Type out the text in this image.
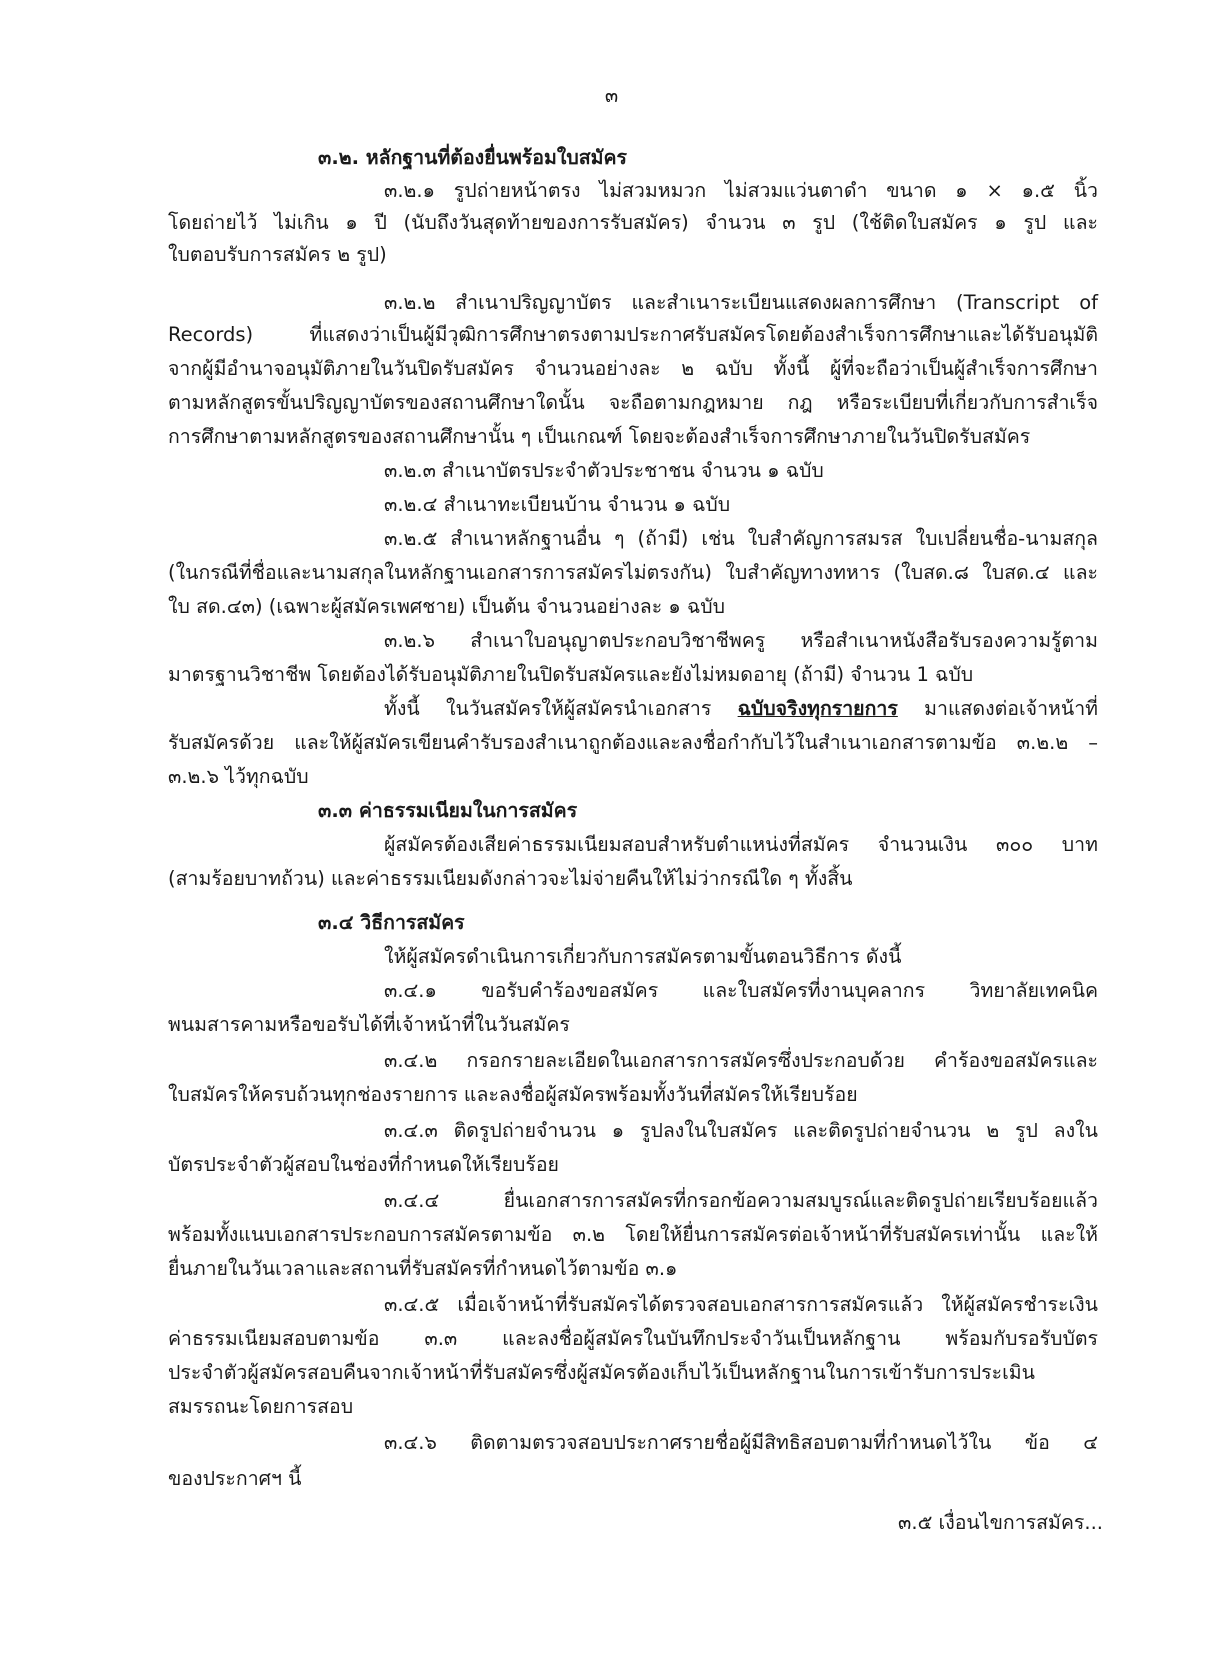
๓
๓.๒. หลักฐานที่ต้องยื่นพร้อมใบสมัคร
๓.๒.๑ รูปถ่ายหน้าตรง ไม่สวมหมวก ไม่สวมแว่นตาดำ ขนาด ๑ × ๑.๕ นิ้ว
โดยถ่ายไว้ ไม่เกิน ๑ ปี (นับถึงวันสุดท้ายของการรับสมัคร) จำนวน ๓ รูป (ใช้ติดใบสมัคร ๑ รูป และ
ใบตอบรับการสมัคร ๒ รูป)
๓.๒.๒ สำเนาปริญญาบัตร และสำเนาระเบียนแสดงผลการศึกษา (Transcript of
Records) ที่แสดงว่าเป็นผู้มีวุฒิการศึกษาตรงตามประกาศรับสมัครโดยต้องสำเร็จการศึกษาและได้รับอนุมัติ
จากผู้มีอำนาจอนุมัติภายในวันปิดรับสมัคร จำนวนอย่างละ ๒ ฉบับ ทั้งนี้ ผู้ที่จะถือว่าเป็นผู้สำเร็จการศึกษา
ตามหลักสูตรขั้นปริญญาบัตรของสถานศึกษาใดนั้น จะถือตามกฎหมาย กฎ หรือระเบียบที่เกี่ยวกับการสำเร็จ
การศึกษาตามหลักสูตรของสถานศึกษานั้น ๆ เป็นเกณฑ์ โดยจะต้องสำเร็จการศึกษาภายในวันปิดรับสมัคร
๓.๒.๓ สำเนาบัตรประจำตัวประชาชน จำนวน ๑ ฉบับ
๓.๒.๔ สำเนาทะเบียนบ้าน จำนวน ๑ ฉบับ
๓.๒.๕ สำเนาหลักฐานอื่น ๆ (ถ้ามี) เช่น ใบสำคัญการสมรส ใบเปลี่ยนชื่อ-นามสกุล
(ในกรณีที่ชื่อและนามสกุลในหลักฐานเอกสารการสมัครไม่ตรงกัน) ใบสำคัญทางทหาร (ใบสด.๘ ใบสด.๔ และ
ใบ สด.๔๓) (เฉพาะผู้สมัครเพศชาย) เป็นต้น จำนวนอย่างละ ๑ ฉบับ
๓.๒.๖ สำเนาใบอนุญาตประกอบวิชาชีพครู หรือสำเนาหนังสือรับรองความรู้ตาม
มาตรฐานวิชาชีพ โดยต้องได้รับอนุมัติภายในปิดรับสมัครและยังไม่หมดอายุ (ถ้ามี) จำนวน 1 ฉบับ
ทั้งนี้ ในวันสมัครให้ผู้สมัครนำเอกสาร ฉบับจริงทุกรายการ มาแสดงต่อเจ้าหน้าที่
รับสมัครด้วย และให้ผู้สมัครเขียนคำรับรองสำเนาถูกต้องและลงชื่อกำกับไว้ในสำเนาเอกสารตามข้อ ๓.๒.๒ –
๓.๒.๖ ไว้ทุกฉบับ
๓.๓ ค่าธรรมเนียมในการสมัคร
ผู้สมัครต้องเสียค่าธรรมเนียมสอบสำหรับตำแหน่งที่สมัคร จำนวนเงิน ๓๐๐ บาท
(สามร้อยบาทถ้วน) และค่าธรรมเนียมดังกล่าวจะไม่จ่ายคืนให้ไม่ว่ากรณีใด ๆ ทั้งสิ้น
๓.๔ วิธีการสมัคร
ให้ผู้สมัครดำเนินการเกี่ยวกับการสมัครตามขั้นตอนวิธีการ ดังนี้
๓.๔.๑ ขอรับคำร้องขอสมัคร และใบสมัครที่งานบุคลากร วิทยาลัยเทคนิค
พนมสารคามหรือขอรับได้ที่เจ้าหน้าที่ในวันสมัคร
๓.๔.๒ กรอกรายละเอียดในเอกสารการสมัครซึ่งประกอบด้วย คำร้องขอสมัครและ
ใบสมัครให้ครบถ้วนทุกช่องรายการ และลงชื่อผู้สมัครพร้อมทั้งวันที่สมัครให้เรียบร้อย
๓.๔.๓ ติดรูปถ่ายจำนวน ๑ รูปลงในใบสมัคร และติดรูปถ่ายจำนวน ๒ รูป ลงใน
บัตรประจำตัวผู้สอบในช่องที่กำหนดให้เรียบร้อย
๓.๔.๔ ยื่นเอกสารการสมัครที่กรอกข้อความสมบูรณ์และติดรูปถ่ายเรียบร้อยแล้ว
พร้อมทั้งแนบเอกสารประกอบการสมัครตามข้อ ๓.๒ โดยให้ยื่นการสมัครต่อเจ้าหน้าที่รับสมัครเท่านั้น และให้
ยื่นภายในวันเวลาและสถานที่รับสมัครที่กำหนดไว้ตามข้อ ๓.๑
๓.๔.๕ เมื่อเจ้าหน้าที่รับสมัครได้ตรวจสอบเอกสารการสมัครแล้ว ให้ผู้สมัครชำระเงิน
ค่าธรรมเนียมสอบตามข้อ ๓.๓ และลงชื่อผู้สมัครในบันทึกประจำวันเป็นหลักฐาน พร้อมกับรอรับบัตร
ประจำตัวผู้สมัครสอบคืนจากเจ้าหน้าที่รับสมัครซึ่งผู้สมัครต้องเก็บไว้เป็นหลักฐานในการเข้ารับการประเมิน
สมรรถนะโดยการสอบ
๓.๔.๖ ติดตามตรวจสอบประกาศรายชื่อผู้มีสิทธิสอบตามที่กำหนดไว้ใน ข้อ ๔
ของประกาศฯ นี้
๓.๕ เงื่อนไขการสมัคร...
